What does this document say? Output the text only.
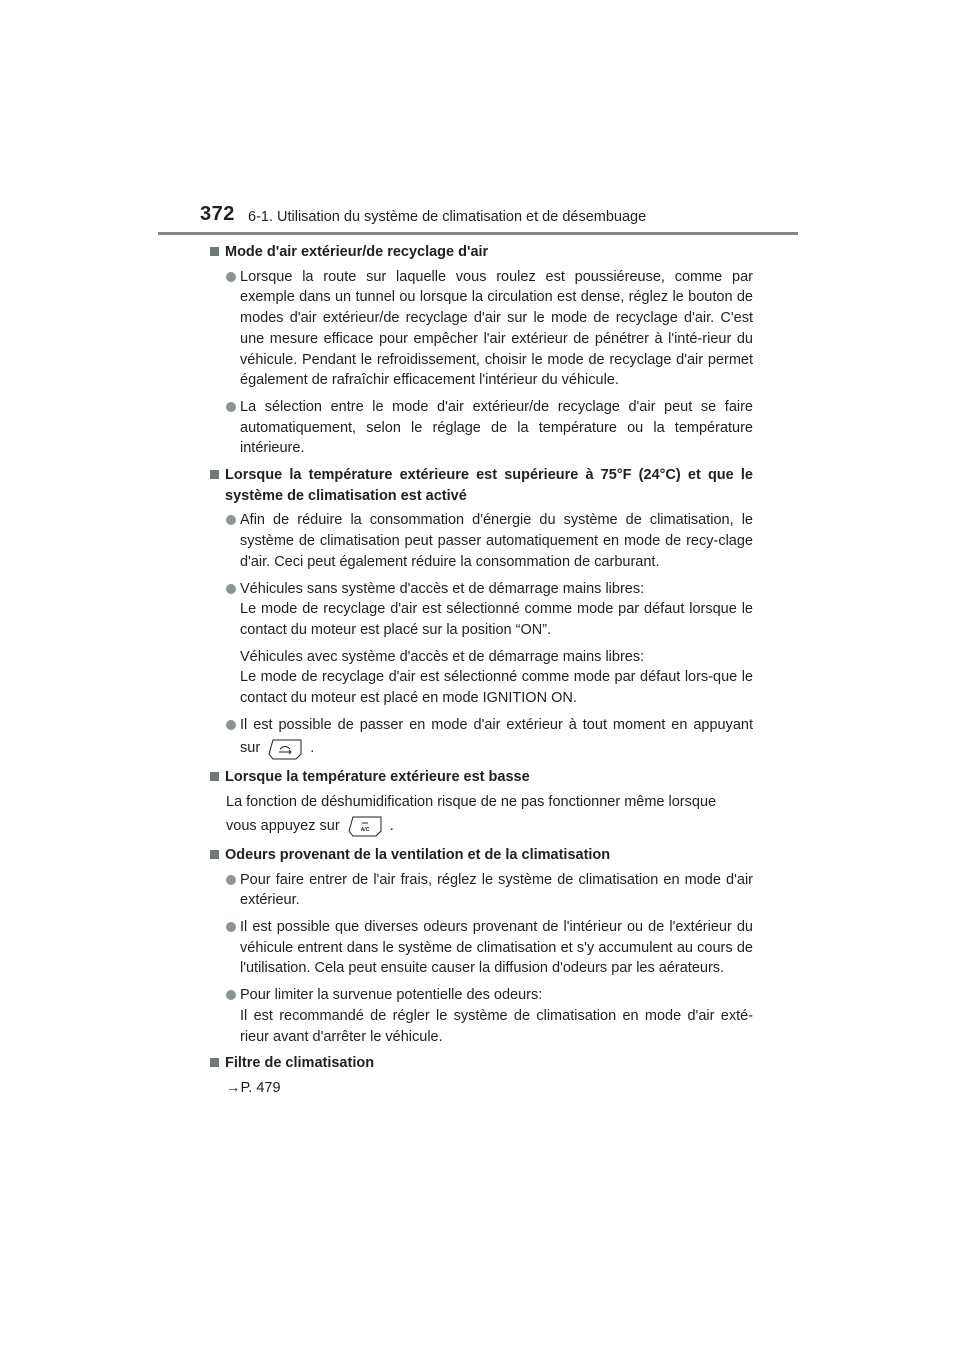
372 6-1. Utilisation du système de climatisation et de désembuage
Mode d'air extérieur/de recyclage d'air
Lorsque la route sur laquelle vous roulez est poussiéreuse, comme par exemple dans un tunnel ou lorsque la circulation est dense, réglez le bouton de modes d'air extérieur/de recyclage d'air sur le mode de recyclage d'air. C'est une mesure efficace pour empêcher l'air extérieur de pénétrer à l'inté-rieur du véhicule. Pendant le refroidissement, choisir le mode de recyclage d'air permet également de rafraîchir efficacement l'intérieur du véhicule.
La sélection entre le mode d'air extérieur/de recyclage d'air peut se faire automatiquement, selon le réglage de la température ou la température intérieure.
Lorsque la température extérieure est supérieure à 75°F (24°C) et que le
système de climatisation est activé
Afin de réduire la consommation d'énergie du système de climatisation, le système de climatisation peut passer automatiquement en mode de recy-clage d'air. Ceci peut également réduire la consommation de carburant.
Véhicules sans système d'accès et de démarrage mains libres:
Le mode de recyclage d'air est sélectionné comme mode par défaut lorsque le contact du moteur est placé sur la position “ON”.
Véhicules avec système d'accès et de démarrage mains libres:
Le mode de recyclage d'air est sélectionné comme mode par défaut lors-que le contact du moteur est placé en mode IGNITION ON.
Il est possible de passer en mode d'air extérieur à tout moment en appuyant
sur	.
Lorsque la température extérieure est basse
La fonction de déshumidification risque de ne pas fonctionner même lorsque
vous appuyez sur	A/C .
Odeurs provenant de la ventilation et de la climatisation
Pour faire entrer de l'air frais, réglez le système de climatisation en mode d'air extérieur.
Il est possible que diverses odeurs provenant de l'intérieur ou de l'extérieur du véhicule entrent dans le système de climatisation et s'y accumulent au cours de l'utilisation. Cela peut ensuite causer la diffusion d'odeurs par les aérateurs.
Pour limiter la survenue potentielle des odeurs:
Il est recommandé de régler le système de climatisation en mode d'air exté-rieur avant d'arrêter le véhicule.
Filtre de climatisation
→P. 479
